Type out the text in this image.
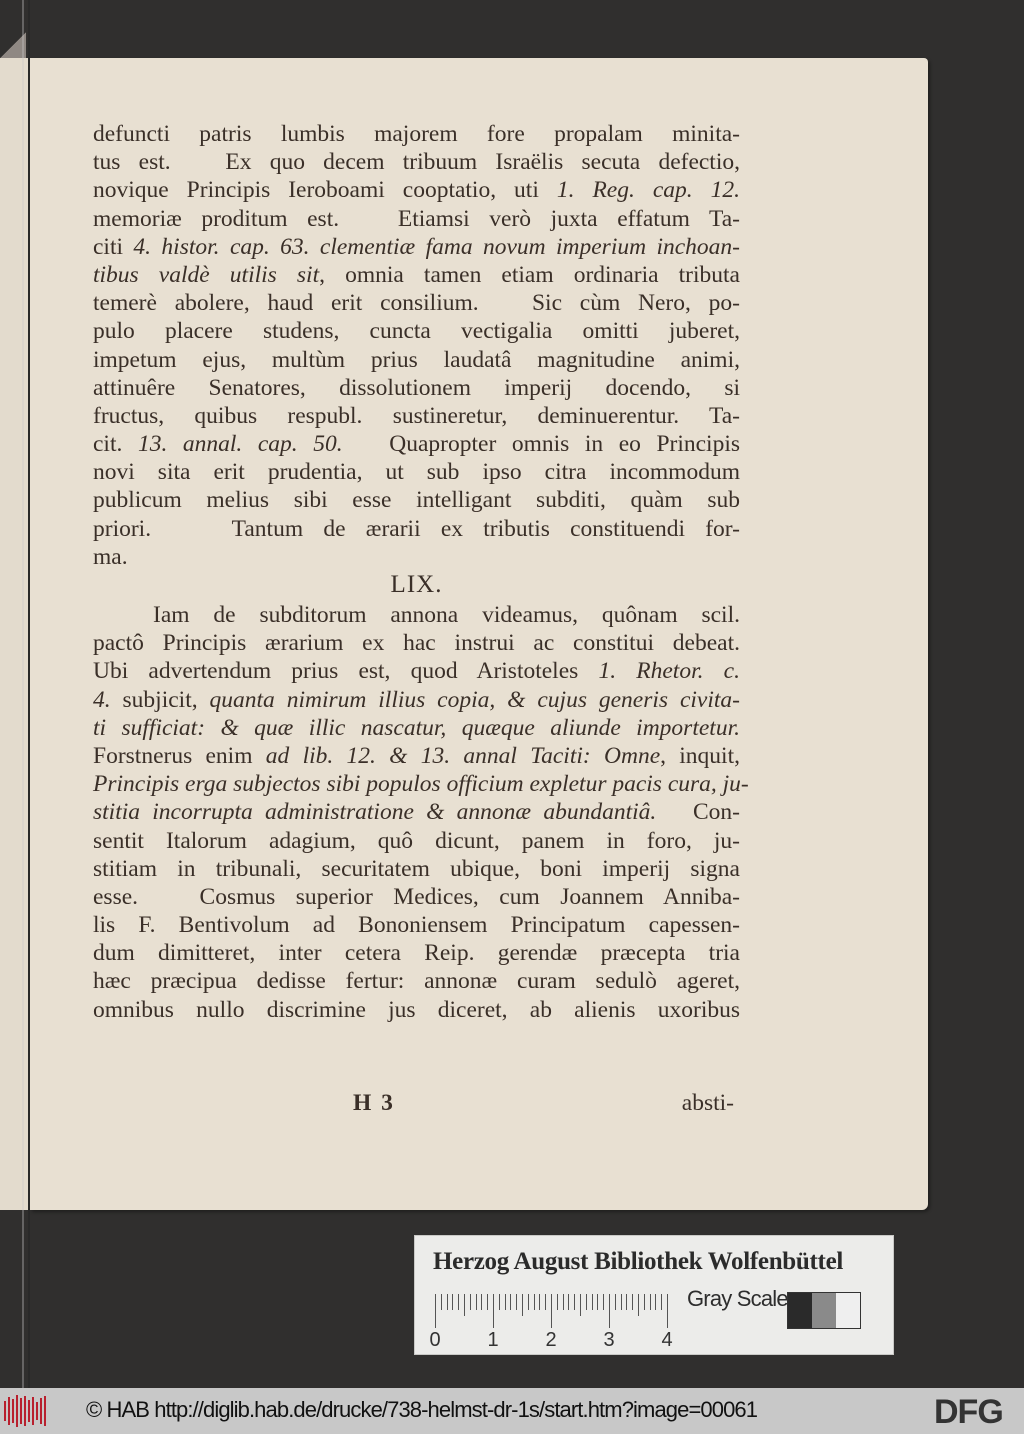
defuncti patris lumbis majorem fore propalam minita-
tus est.   Ex quo decem tribuum Israëlis secuta defectio,
novique Principis Ieroboami cooptatio, uti 1. Reg. cap. 12.
memoriæ proditum est.   Etiamsi verò juxta effatum Ta-
citi 4. histor. cap. 63. clementiæ fama novum imperium inchoan-
tibus valdè utilis sit, omnia tamen etiam ordinaria tributa
temerè abolere, haud erit consilium.   Sic cùm Nero, po-
pulo placere studens, cuncta vectigalia omitti juberet,
impetum ejus, multùm prius laudatâ magnitudine animi,
attinuêre Senatores, dissolutionem imperij docendo, si
fructus, quibus respubl. sustineretur, deminuerentur. Ta-
cit. 13. annal. cap. 50.   Quapropter omnis in eo Principis
novi sita erit prudentia, ut sub ipso citra incommodum
publicum melius sibi esse intelligant subditi, quàm sub
priori.    Tantum de ærarii ex tributis constituendi for-
ma.
LIX.
Iam de subditorum annona videamus, quônam scil.
pactô Principis ærarium ex hac instrui ac constitui debeat.
Ubi advertendum prius est, quod Aristoteles 1. Rhetor. c.
4. subjicit, quanta nimirum illius copia, & cujus generis civita-
ti sufficiat: & quæ illic nascatur, quæque aliunde importetur.
Forstnerus enim ad lib. 12. & 13. annal Taciti: Omne, inquit,
Principis erga subjectos sibi populos officium expletur pacis cura, ju-
stitia incorrupta administratione & annonæ abundantiâ.   Con-
sentit Italorum adagium, quô dicunt, panem in foro, ju-
stitiam in tribunali, securitatem ubique, boni imperij signa
esse.   Cosmus superior Medices, cum Joannem Anniba-
lis F. Bentivolum ad Bononiensem Principatum capessen-
dum dimitteret, inter cetera Reip. gerendæ præcepta tria
hæc præcipua dedisse fertur: annonæ curam sedulò ageret,
omnibus nullo discrimine jus diceret, ab alienis uxoribus
H 3	absti-
Herzog August Bibliothek Wolfenbüttel
0 1 2 3 4
Gray Scale
© HAB http://diglib.hab.de/drucke/738-helmst-dr-1s/start.htm?image=00061	DFG
